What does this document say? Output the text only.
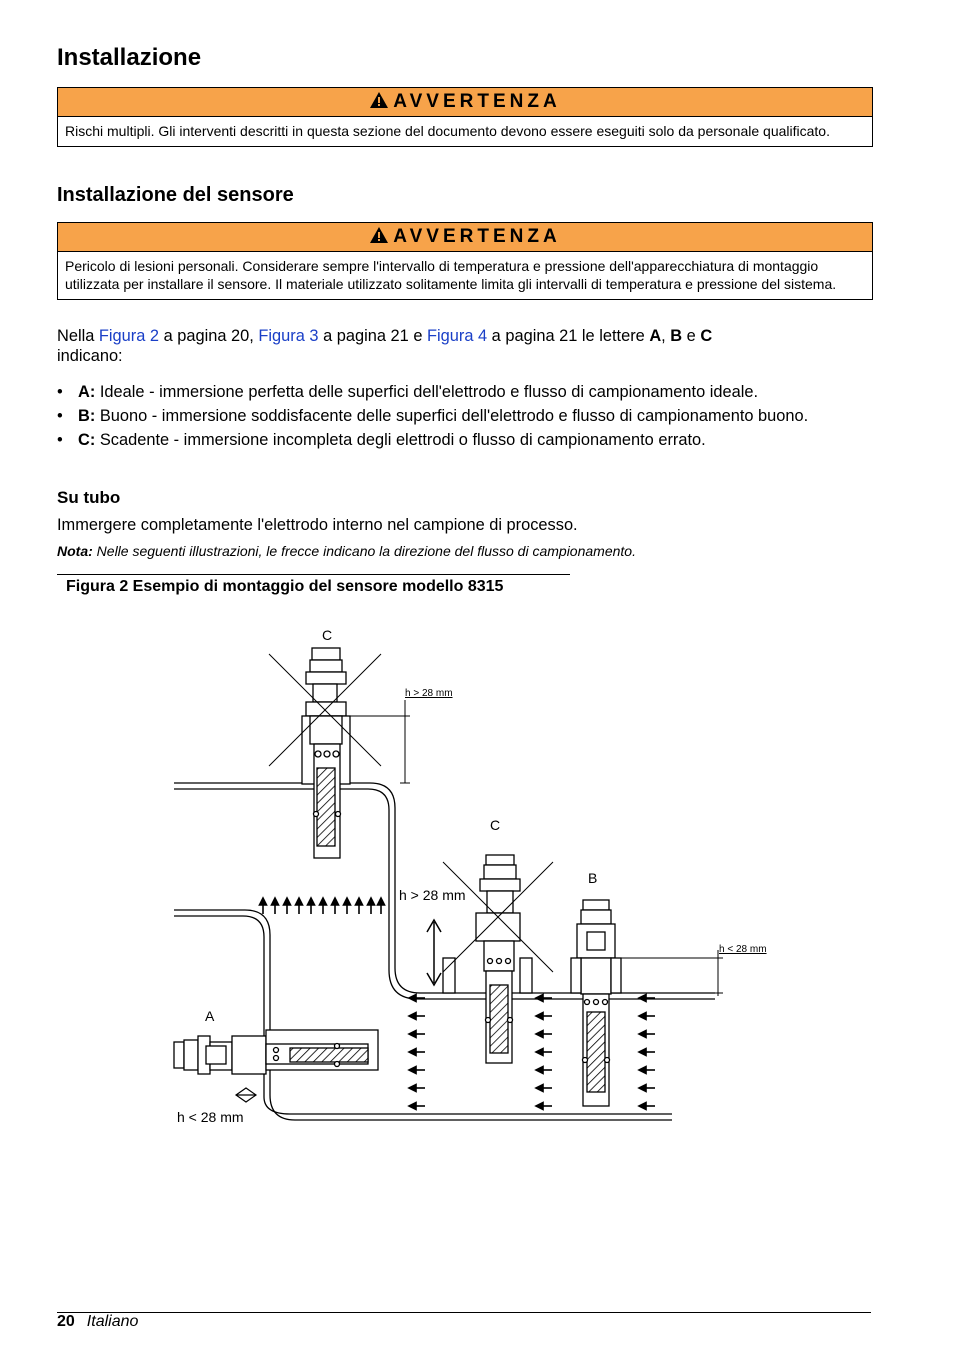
Installazione
AVVERTENZA
Rischi multipli. Gli interventi descritti in questa sezione del documento devono essere eseguiti solo da personale qualificato.
Installazione del sensore
AVVERTENZA
Pericolo di lesioni personali. Considerare sempre l'intervallo di temperatura e pressione dell'apparecchiatura di montaggio utilizzata per installare il sensore. Il materiale utilizzato solitamente limita gli intervalli di temperatura e pressione del sistema.

Nella Figura 2 a pagina 20, Figura 3 a pagina 21 e Figura 4 a pagina 21 le lettere A, B e C
indicano:

• A: Ideale - immersione perfetta delle superfici dell'elettrodo e flusso di campionamento ideale.
• B: Buono - immersione soddisfacente delle superfici dell'elettrodo e flusso di campionamento buono.
• C: Scadente - immersione incompleta degli elettrodi o flusso di campionamento errato.
Su tubo

Immergere completamente l'elettrodo interno nel campione di processo.

Nota: Nelle seguenti illustrazioni, le frecce indicano la direzione del flusso di campionamento.
Figura 2 Esempio di montaggio del sensore modello 8315
C
h > 28 mm
C
h > 28 mm
B
h < 28 mm
A
h < 28 mm
20 Italiano
